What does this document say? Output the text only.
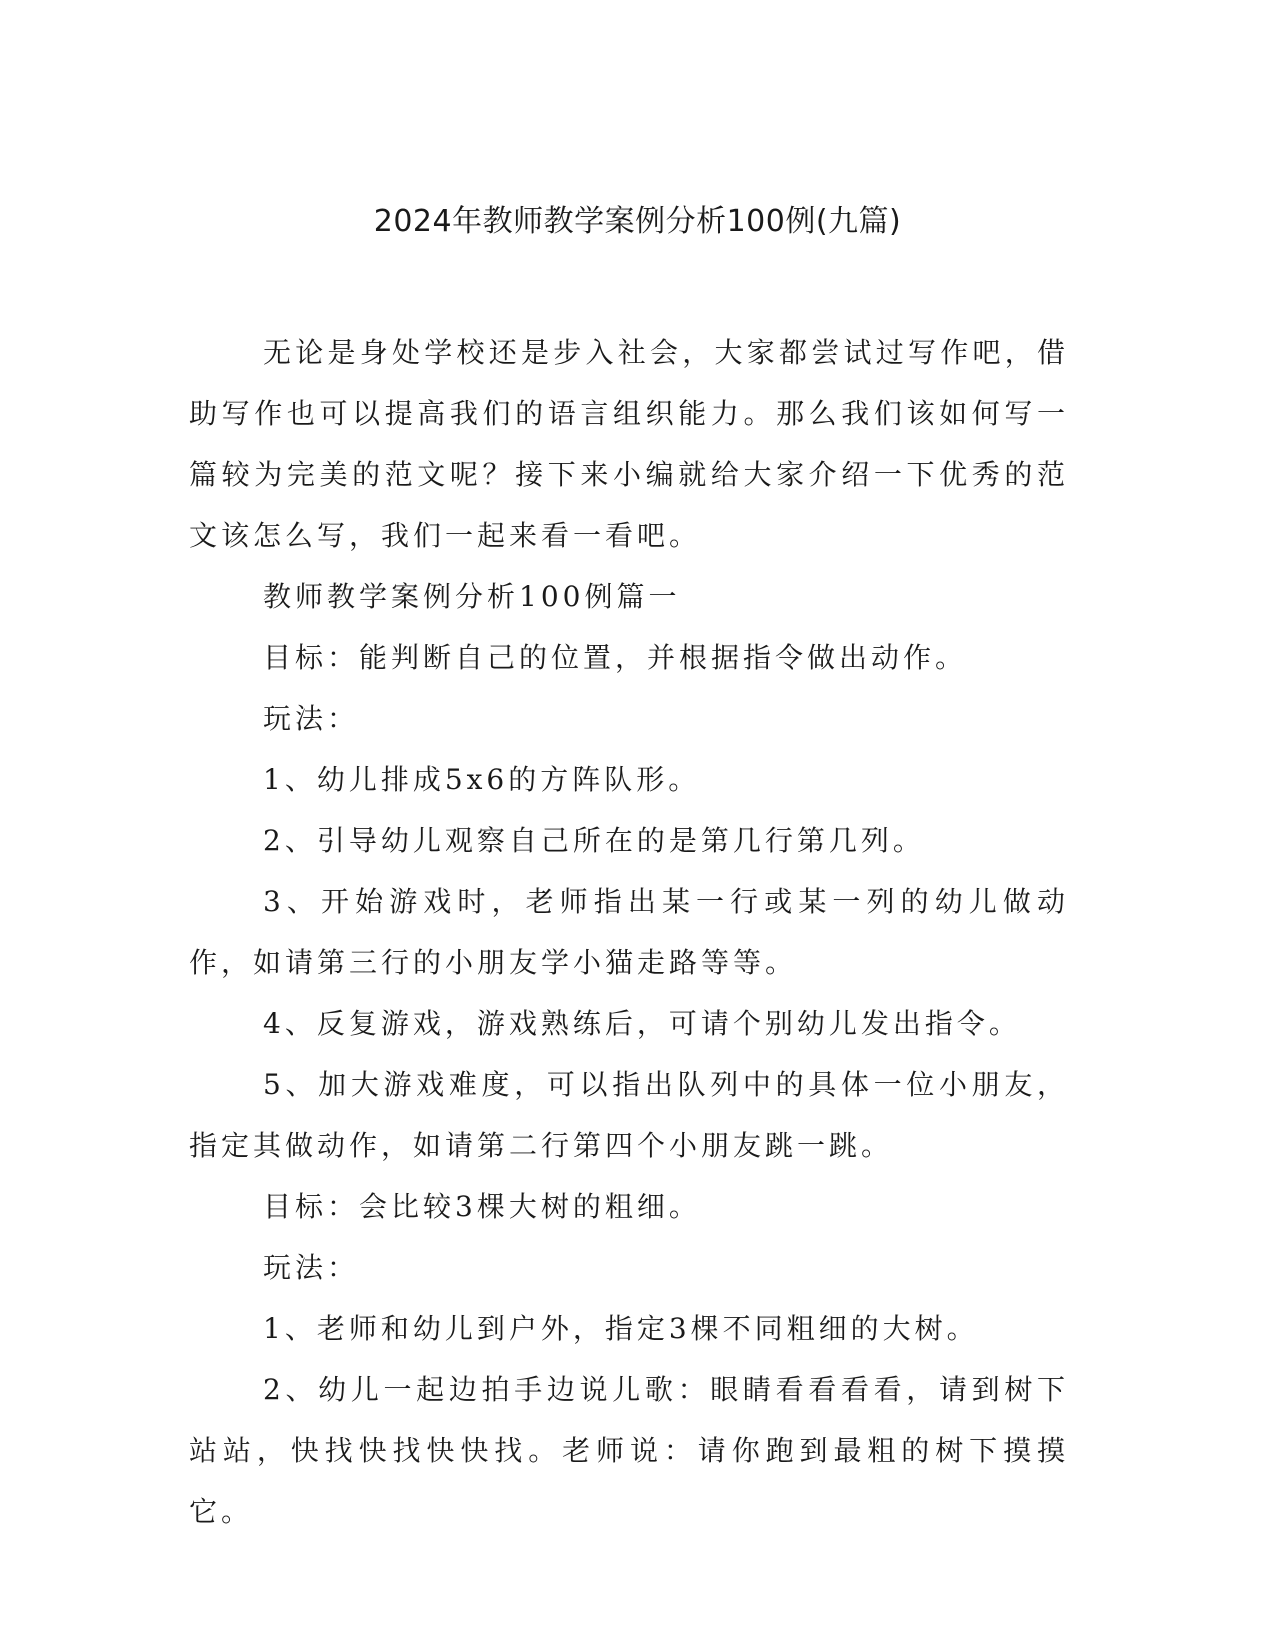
2024年教师教学案例分析100例(九篇)

无论是身处学校还是步入社会，大家都尝试过写作吧，借助写作也可以提高我们的语言组织能力。那么我们该如何写一篇较为完美的范文呢？接下来小编就给大家介绍一下优秀的范文该怎么写，我们一起来看一看吧。

教师教学案例分析100例篇一

目标：能判断自己的位置，并根据指令做出动作。

玩法：

1、幼儿排成5x6的方阵队形。

2、引导幼儿观察自己所在的是第几行第几列。

3、开始游戏时，老师指出某一行或某一列的幼儿做动作，如请第三行的小朋友学小猫走路等等。

4、反复游戏，游戏熟练后，可请个别幼儿发出指令。

5、加大游戏难度，可以指出队列中的具体一位小朋友，指定其做动作，如请第二行第四个小朋友跳一跳。

目标：会比较3棵大树的粗细。

玩法：

1、老师和幼儿到户外，指定3棵不同粗细的大树。

2、幼儿一起边拍手边说儿歌：眼睛看看看看，请到树下站站，快找快找快快找。老师说：请你跑到最粗的树下摸摸它。
